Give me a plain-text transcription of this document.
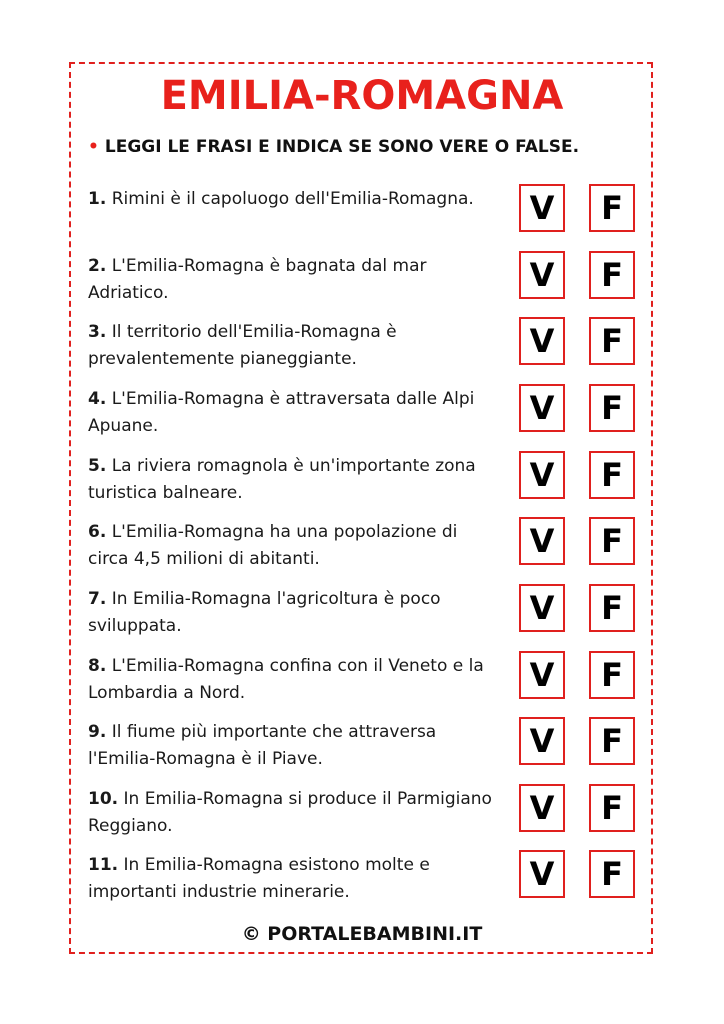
EMILIA-ROMAGNA
• LEGGI LE FRASI E INDICA SE SONO VERE O FALSE.
1. Rimini è il capoluogo dell'Emilia-Romagna.	V	F
2. L'Emilia-Romagna è bagnata dal mar Adriatico.	V	F
3. Il territorio dell'Emilia-Romagna è prevalentemente pianeggiante.	V	F
4. L'Emilia-Romagna è attraversata dalle Alpi Apuane.	V	F
5. La riviera romagnola è un'importante zona turistica balneare.	V	F
6. L'Emilia-Romagna ha una popolazione di circa 4,5 milioni di abitanti.	V	F
7. In Emilia-Romagna l'agricoltura è poco sviluppata.	V	F
8. L'Emilia-Romagna confina con il Veneto e la Lombardia a Nord.	V	F
9. Il fiume più importante che attraversa l'Emilia-Romagna è il Piave.	V	F
10. In Emilia-Romagna si produce il Parmigiano Reggiano.	V	F
11. In Emilia-Romagna esistono molte e importanti industrie minerarie.	V	F
© PORTALEBAMBINI.IT
